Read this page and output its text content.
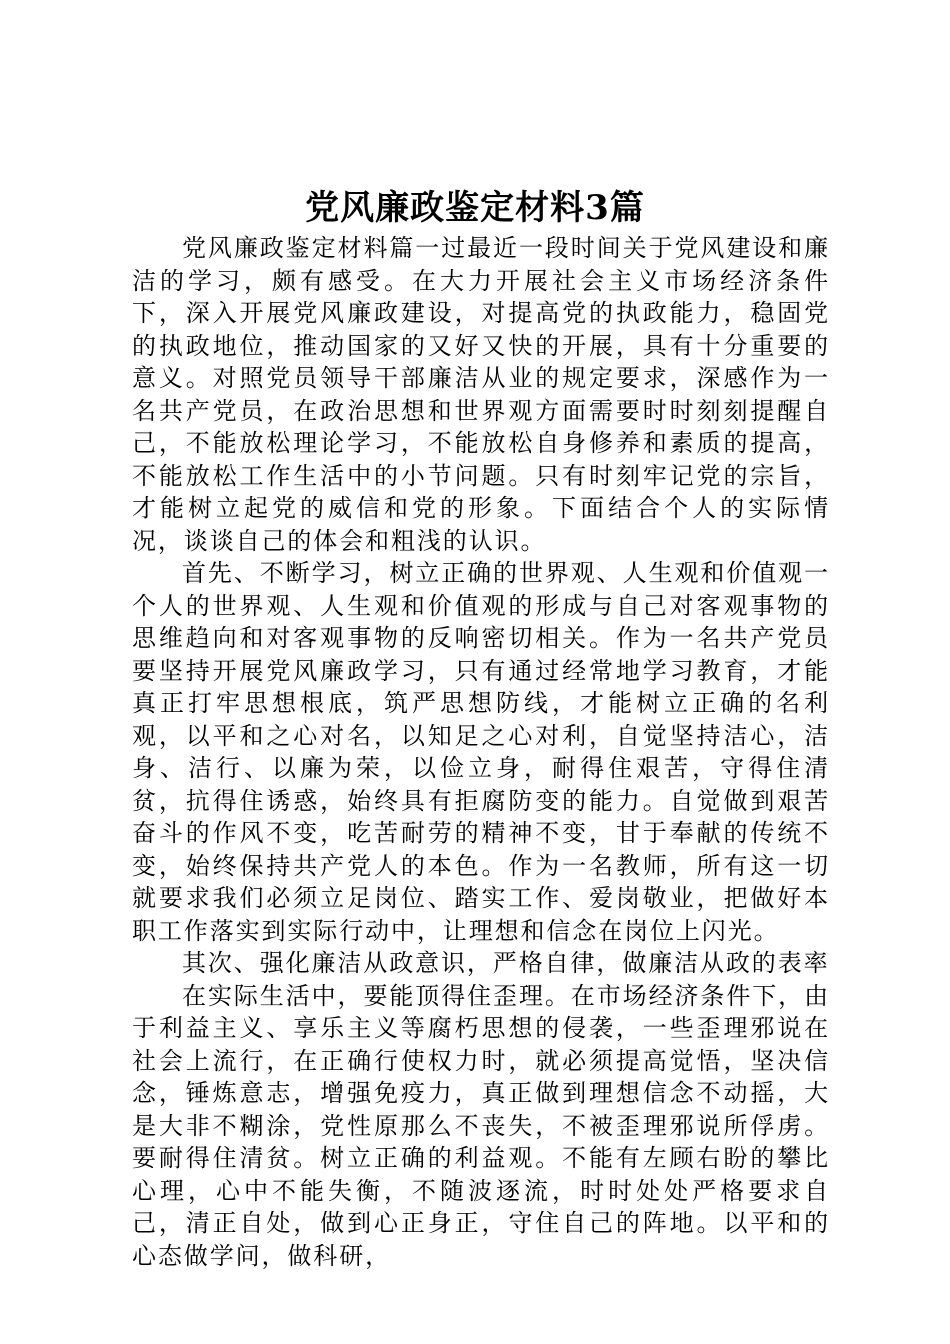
党风廉政鉴定材料3篇

党风廉政鉴定材料篇一过最近一段时间关于党风建设和廉洁的学习，颇有感受。在大力开展社会主义市场经济条件下，深入开展党风廉政建设，对提高党的执政能力，稳固党的执政地位，推动国家的又好又快的开展，具有十分重要的意义。对照党员领导干部廉洁从业的规定要求，深感作为一名共产党员，在政治思想和世界观方面需要时时刻刻提醒自己，不能放松理论学习，不能放松自身修养和素质的提高，不能放松工作生活中的小节问题。只有时刻牢记党的宗旨，才能树立起党的威信和党的形象。下面结合个人的实际情况，谈谈自己的体会和粗浅的认识。

首先、不断学习，树立正确的世界观、人生观和价值观一个人的世界观、人生观和价值观的形成与自己对客观事物的思维趋向和对客观事物的反响密切相关。作为一名共产党员要坚持开展党风廉政学习，只有通过经常地学习教育，才能真正打牢思想根底，筑严思想防线，才能树立正确的名利观，以平和之心对名，以知足之心对利，自觉坚持洁心，洁身、洁行、以廉为荣，以俭立身，耐得住艰苦，守得住清贫，抗得住诱惑，始终具有拒腐防变的能力。自觉做到艰苦奋斗的作风不变，吃苦耐劳的精神不变，甘于奉献的传统不变，始终保持共产党人的本色。作为一名教师，所有这一切就要求我们必须立足岗位、踏实工作、爱岗敬业，把做好本职工作落实到实际行动中，让理想和信念在岗位上闪光。

其次、强化廉洁从政意识，严格自律，做廉洁从政的表率

在实际生活中，要能顶得住歪理。在市场经济条件下，由于利益主义、享乐主义等腐朽思想的侵袭，一些歪理邪说在社会上流行，在正确行使权力时，就必须提高觉悟，坚决信念，锤炼意志，增强免疫力，真正做到理想信念不动摇，大是大非不糊涂，党性原那么不丧失，不被歪理邪说所俘虏。要耐得住清贫。树立正确的利益观。不能有左顾右盼的攀比心理，心中不能失衡，不随波逐流，时时处处严格要求自己，清正自处，做到心正身正，守住自己的阵地。以平和的心态做学问，做科研，
